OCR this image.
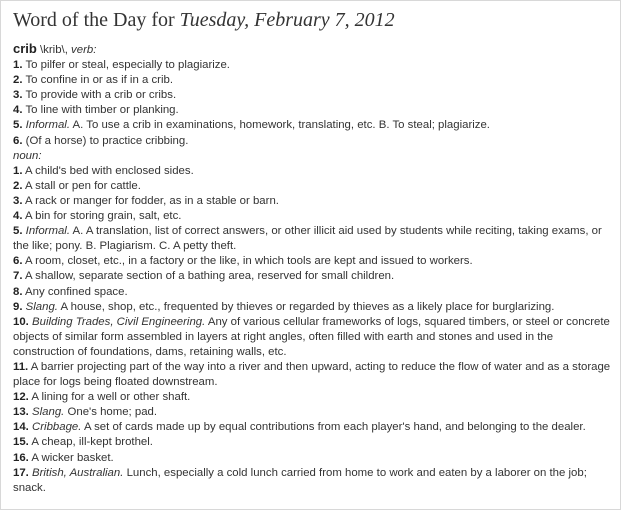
Word of the Day for Tuesday, February 7, 2012
crib \krib\, verb:
1. To pilfer or steal, especially to plagiarize.
2. To confine in or as if in a crib.
3. To provide with a crib or cribs.
4. To line with timber or planking.
5. Informal. A. To use a crib in examinations, homework, translating, etc. B. To steal; plagiarize.
6. (Of a horse) to practice cribbing.
noun:
1. A child's bed with enclosed sides.
2. A stall or pen for cattle.
3. A rack or manger for fodder, as in a stable or barn.
4. A bin for storing grain, salt, etc.
5. Informal. A. A translation, list of correct answers, or other illicit aid used by students while reciting, taking exams, or the like; pony. B. Plagiarism. C. A petty theft.
6. A room, closet, etc., in a factory or the like, in which tools are kept and issued to workers.
7. A shallow, separate section of a bathing area, reserved for small children.
8. Any confined space.
9. Slang. A house, shop, etc., frequented by thieves or regarded by thieves as a likely place for burglarizing.
10. Building Trades, Civil Engineering. Any of various cellular frameworks of logs, squared timbers, or steel or concrete objects of similar form assembled in layers at right angles, often filled with earth and stones and used in the construction of foundations, dams, retaining walls, etc.
11. A barrier projecting part of the way into a river and then upward, acting to reduce the flow of water and as a storage place for logs being floated downstream.
12. A lining for a well or other shaft.
13. Slang. One's home; pad.
14. Cribbage. A set of cards made up by equal contributions from each player's hand, and belonging to the dealer.
15. A cheap, ill-kept brothel.
16. A wicker basket.
17. British, Australian. Lunch, especially a cold lunch carried from home to work and eaten by a laborer on the job; snack.
